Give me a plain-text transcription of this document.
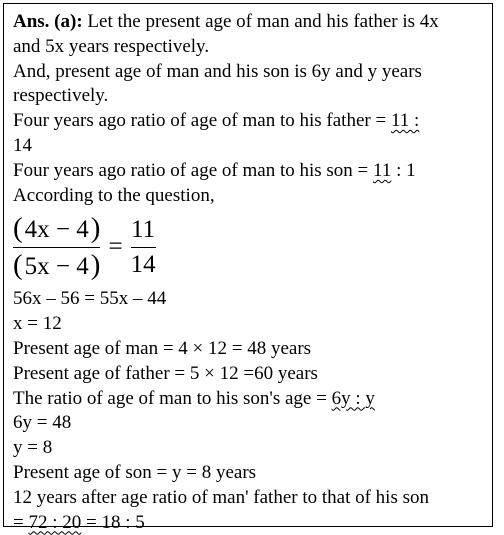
Ans. (a): Let the present age of man and his father is 4x
and 5x years respectively.
And, present age of man and his son is 6y and y years
respectively.
Four years ago ratio of age of man to his father = 11 :
14
Four years ago ratio of age of man to his son = 11 : 1
According to the question,
$\frac{(4x - 4)}{(5x - 4)} = \frac{11}{14}$
56x – 56 = 55x – 44
x = 12
Present age of man = 4 × 12 = 48 years
Present age of father = 5 × 12 =60 years
The ratio of age of man to his son's age = 6y : y
6y = 48
y = 8
Present age of son = y = 8 years
12 years after age ratio of man' father to that of his son
= 72 : 20 = 18 : 5
